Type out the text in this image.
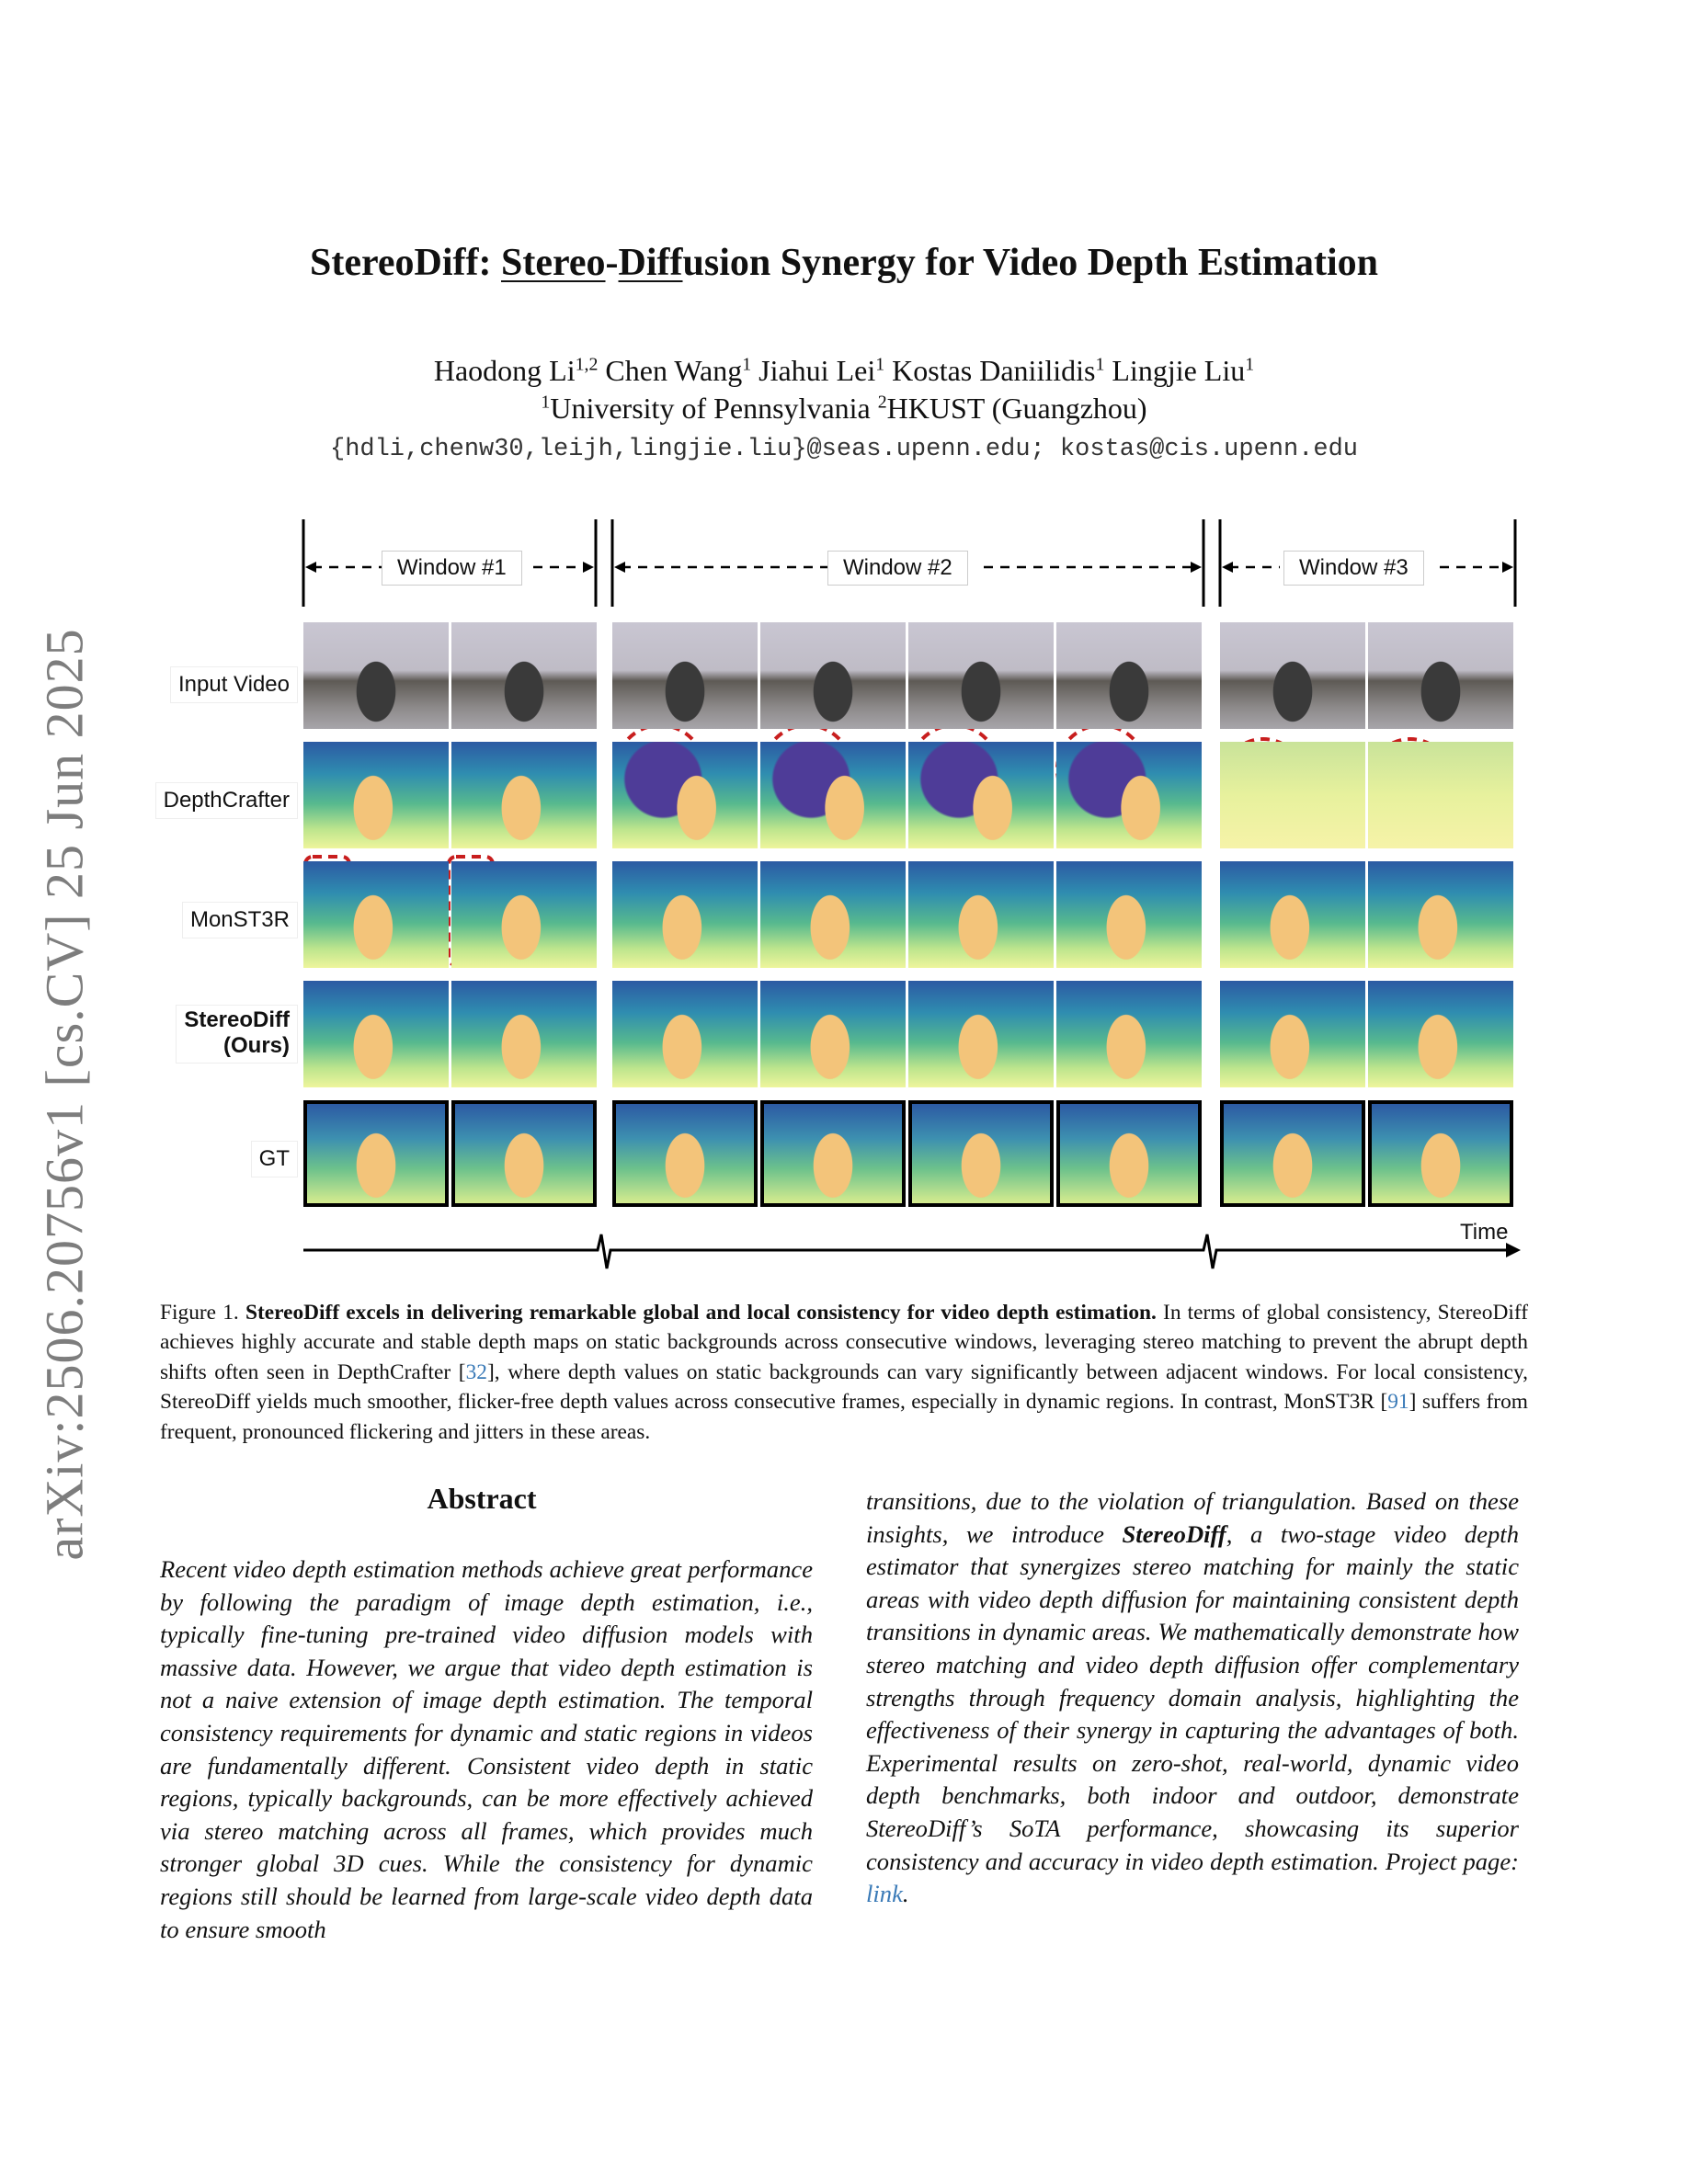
arXiv:2506.20756v1 [cs.CV] 25 Jun 2025
StereoDiff: Stereo-Diffusion Synergy for Video Depth Estimation
Haodong Li$^{1,2}$ Chen Wang$^1$ Jiahui Lei$^1$ Kostas Daniilidis$^1$ Lingjie Liu$^1$
$^1$University of Pennsylvania $^2$HKUST (Guangzhou)
{hdli,chenw30,leijh,lingjie.liu}@seas.upenn.edu; kostas@cis.upenn.edu
Window #1	Window #2	Window #3
Input Video
DepthCrafter
MonST3R
StereoDiff
(Ours)
GT
Time
Figure 1. StereoDiff excels in delivering remarkable global and local consistency for video depth estimation. In terms of global consistency, StereoDiff achieves highly accurate and stable depth maps on static backgrounds across consecutive windows, leveraging stereo matching to prevent the abrupt depth shifts often seen in DepthCrafter [32], where depth values on static backgrounds can vary significantly between adjacent windows. For local consistency, StereoDiff yields much smoother, flicker-free depth values across consecutive frames, especially in dynamic regions. In contrast, MonST3R [91] suffers from frequent, pronounced flickering and jitters in these areas.
Abstract
Recent video depth estimation methods achieve great performance by following the paradigm of image depth estimation, i.e., typically fine-tuning pre-trained video diffusion models with massive data. However, we argue that video depth estimation is not a naive extension of image depth estimation. The temporal consistency requirements for dynamic and static regions in videos are fundamentally different. Consistent video depth in static regions, typically backgrounds, can be more effectively achieved via stereo matching across all frames, which provides much stronger global 3D cues. While the consistency for dynamic regions still should be learned from large-scale video depth data to ensure smooth
transitions, due to the violation of triangulation. Based on these insights, we introduce StereoDiff, a two-stage video depth estimator that synergizes stereo matching for mainly the static areas with video depth diffusion for maintaining consistent depth transitions in dynamic areas. We mathematically demonstrate how stereo matching and video depth diffusion offer complementary strengths through frequency domain analysis, highlighting the effectiveness of their synergy in capturing the advantages of both. Experimental results on zero-shot, real-world, dynamic video depth benchmarks, both indoor and outdoor, demonstrate StereoDiff’s SoTA performance, showcasing its superior consistency and accuracy in video depth estimation. Project page: link.
